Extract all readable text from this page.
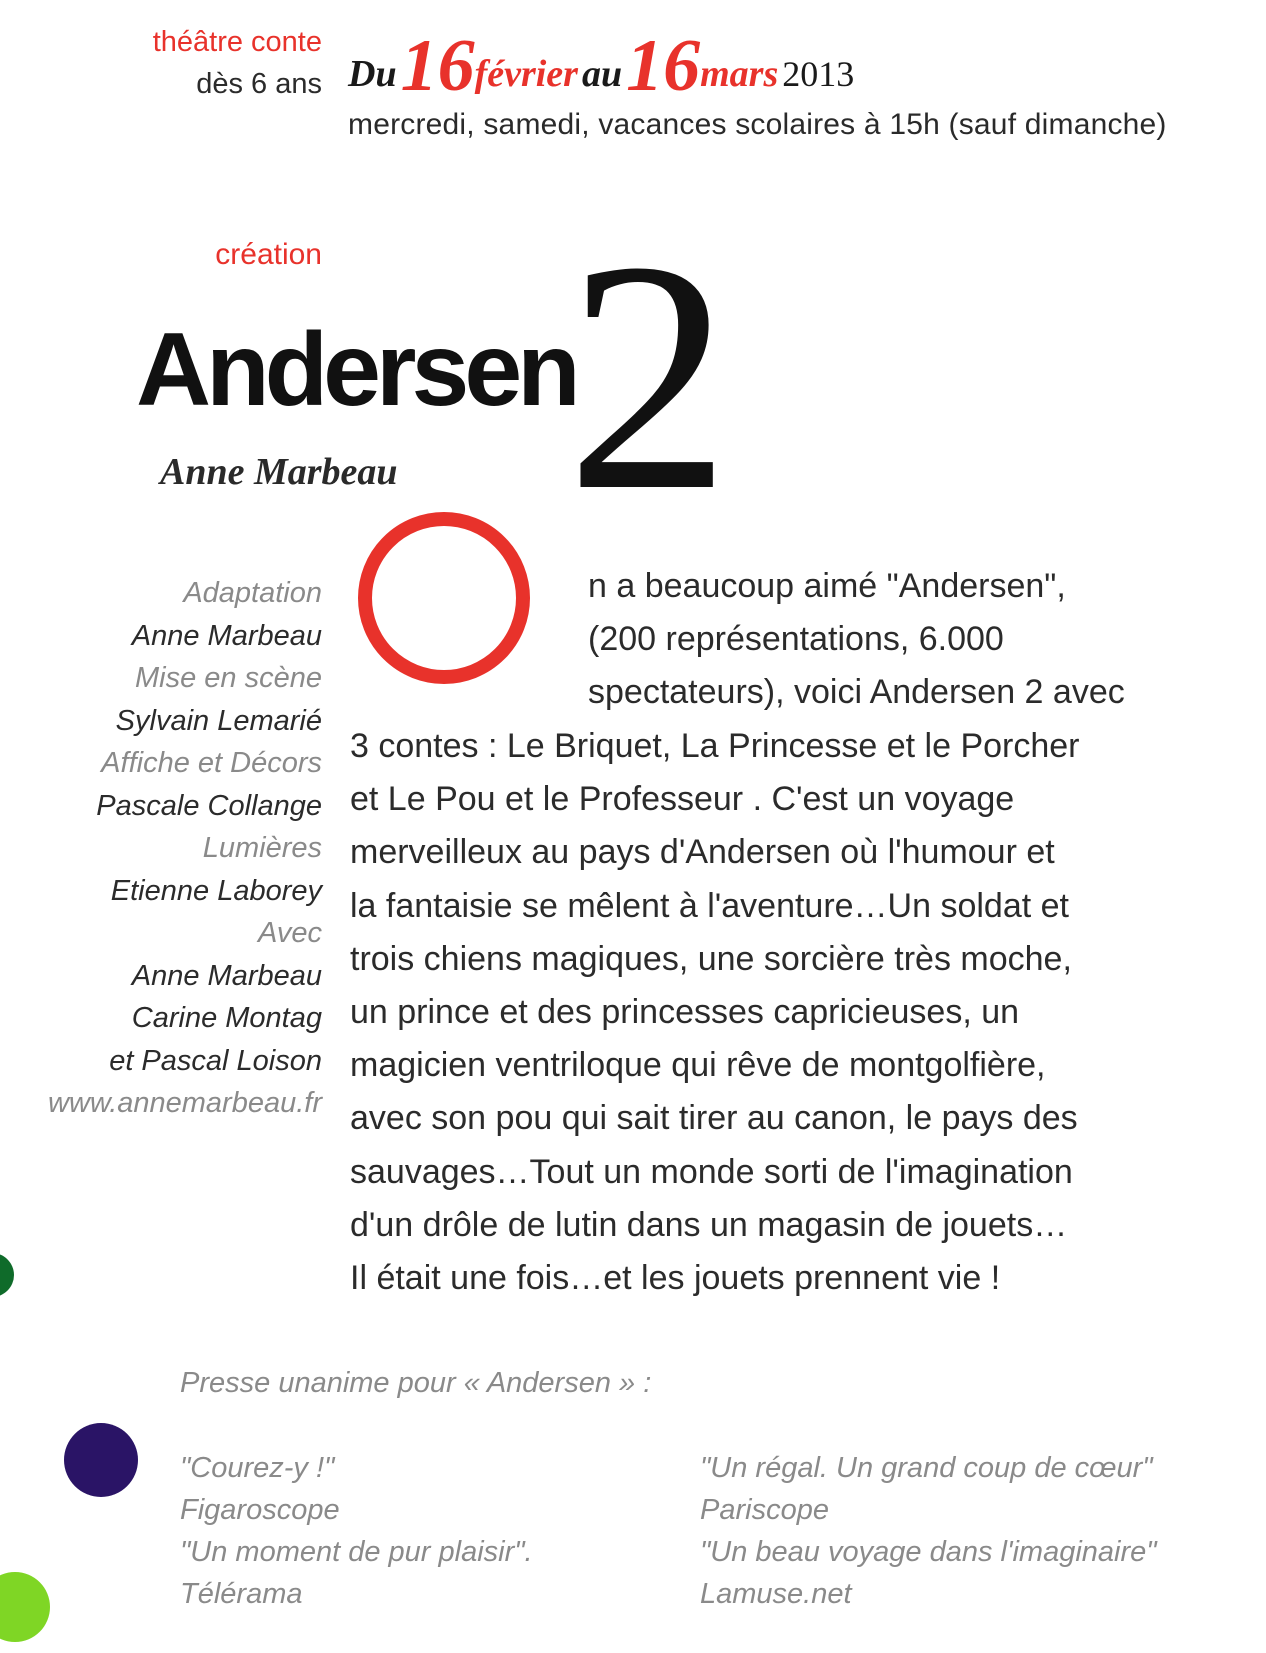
théâtre conte
dès 6 ans Du 16février au 16mars 2013
mercredi, samedi, vacances scolaires à 15h (sauf dimanche)
création 2
Andersen
Anne Marbeau
Adaptation
Anne Marbeau
Mise en scène
Sylvain Lemarié
Affiche et Décors
Pascale Collange
Lumières
Etienne Laborey
Avec
Anne Marbeau
Carine Montag
et Pascal Loison
www.annemarbeau.fr
n a beaucoup aimé "Andersen",
(200 représentations, 6.000
spectateurs), voici Andersen 2 avec
3 contes : Le Briquet, La Princesse et le Porcher
et Le Pou et le Professeur . C'est un voyage
merveilleux au pays d'Andersen où l'humour et
la fantaisie se mêlent à l'aventure…Un soldat et
trois chiens magiques, une sorcière très moche,
un prince et des princesses capricieuses, un
magicien ventriloque qui rêve de montgolfière,
avec son pou qui sait tirer au canon, le pays des
sauvages…Tout un monde sorti de l'imagination
d'un drôle de lutin dans un magasin de jouets…
Il était une fois…et les jouets prennent vie !
Presse unanime pour « Andersen » :
"Courez-y !"
Figaroscope
"Un moment de pur plaisir".
Télérama
"Un régal. Un grand coup de cœur"
Pariscope
"Un beau voyage dans l'imaginaire"
Lamuse.net
